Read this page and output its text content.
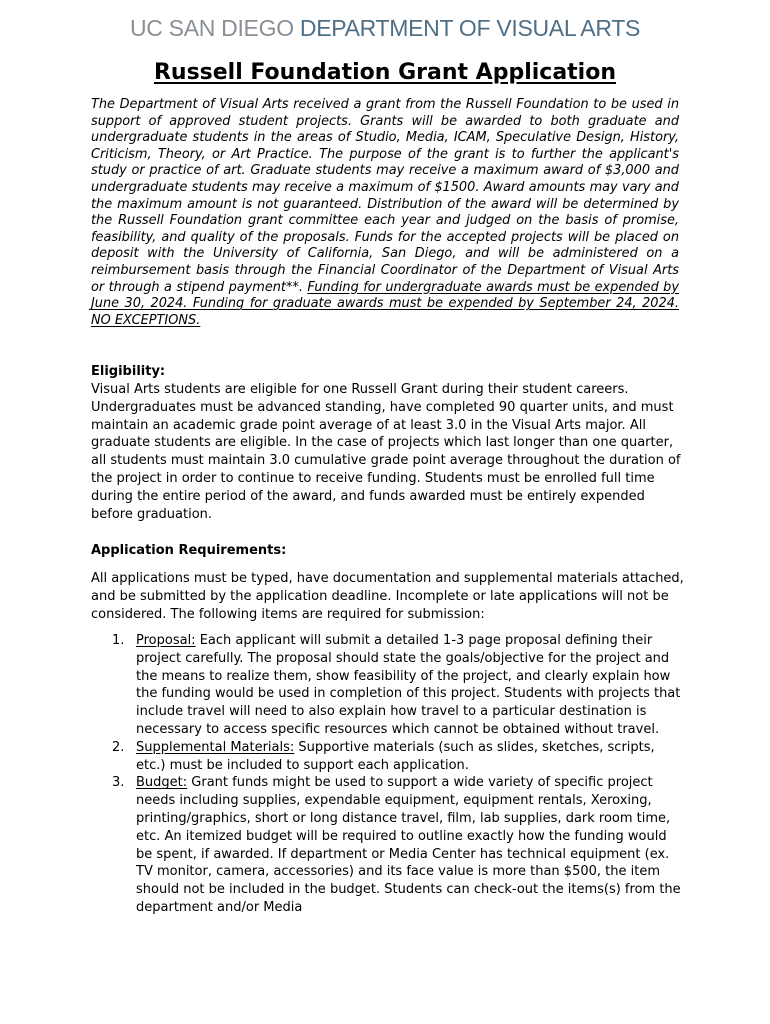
UC SAN DIEGO DEPARTMENT OF VISUAL ARTS
Russell Foundation Grant Application

The Department of Visual Arts received a grant from the Russell Foundation to be used in support of approved student projects. Grants will be awarded to both graduate and undergraduate students in the areas of Studio, Media, ICAM, Speculative Design, History, Criticism, Theory, or Art Practice. The purpose of the grant is to further the applicant's study or practice of art. Graduate students may receive a maximum award of $3,000 and undergraduate students may receive a maximum of $1500. Award amounts may vary and the maximum amount is not guaranteed. Distribution of the award will be determined by the Russell Foundation grant committee each year and judged on the basis of promise, feasibility, and quality of the proposals. Funds for the accepted projects will be placed on deposit with the University of California, San Diego, and will be administered on a reimbursement basis through the Financial Coordinator of the Department of Visual Arts or through a stipend payment**. Funding for undergraduate awards must be expended by June 30, 2024. Funding for graduate awards must be expended by September 24, 2024. NO EXCEPTIONS.

Eligibility:

Visual Arts students are eligible for one Russell Grant during their student careers. Undergraduates must be advanced standing, have completed 90 quarter units, and must maintain an academic grade point average of at least 3.0 in the Visual Arts major. All graduate students are eligible. In the case of projects which last longer than one quarter, all students must maintain 3.0 cumulative grade point average throughout the duration of the project in order to continue to receive funding. Students must be enrolled full time during the entire period of the award, and funds awarded must be entirely expended before graduation.

Application Requirements:

All applications must be typed, have documentation and supplemental materials attached, and be submitted by the application deadline. Incomplete or late applications will not be considered. The following items are required for submission:

1. Proposal: Each applicant will submit a detailed 1-3 page proposal defining their project carefully. The proposal should state the goals/objective for the project and the means to realize them, show feasibility of the project, and clearly explain how the funding would be used in completion of this project. Students with projects that include travel will need to also explain how travel to a particular destination is necessary to access specific resources which cannot be obtained without travel.
2. Supplemental Materials: Supportive materials (such as slides, sketches, scripts, etc.) must be included to support each application.
3. Budget: Grant funds might be used to support a wide variety of specific project needs including supplies, expendable equipment, equipment rentals, Xeroxing, printing/graphics, short or long distance travel, film, lab supplies, dark room time, etc. An itemized budget will be required to outline exactly how the funding would be spent, if awarded. If department or Media Center has technical equipment (ex. TV monitor, camera, accessories) and its face value is more than $500, the item should not be included in the budget. Students can check-out the items(s) from the department and/or Media
